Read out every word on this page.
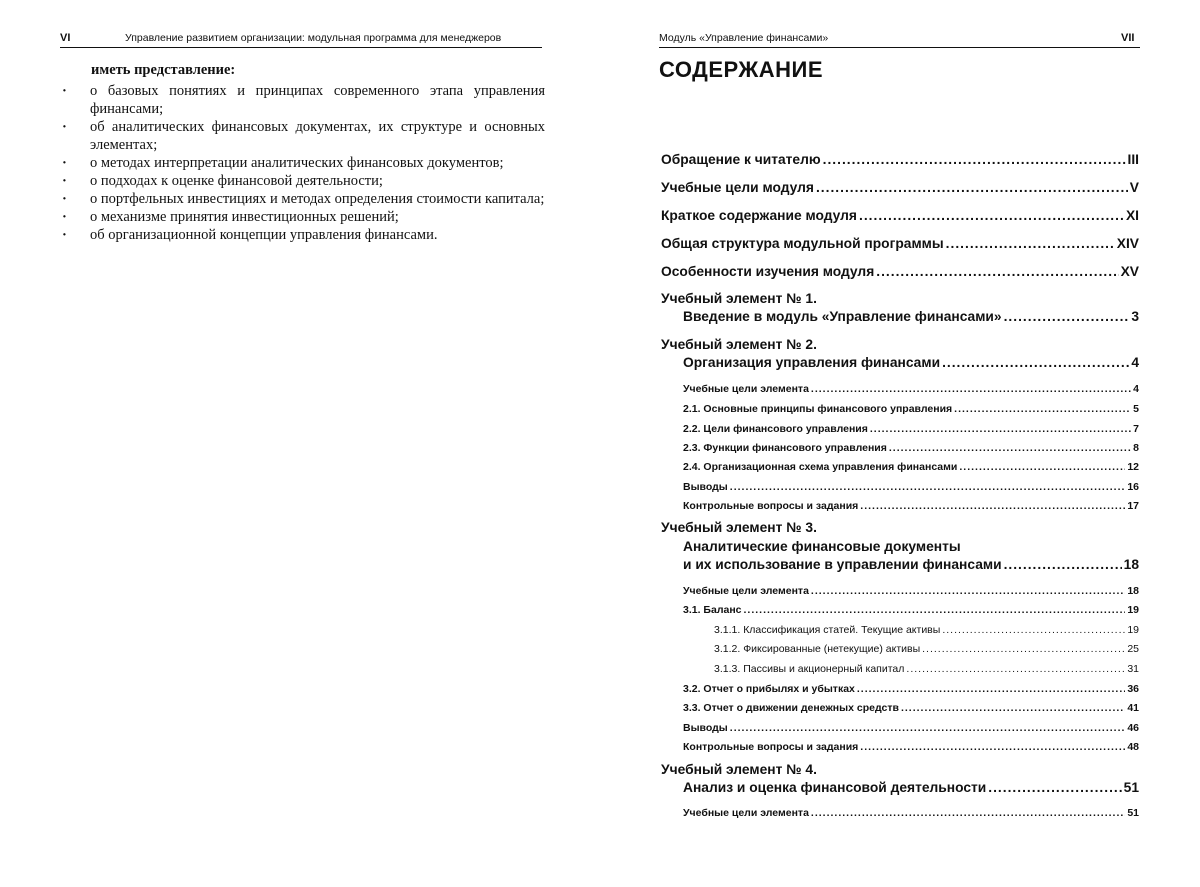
VI	Управление развитием организации: модульная программа для менеджеров
иметь представление:
· о базовых понятиях и принципах современного этапа управления финансами;
· об аналитических финансовых документах, их структуре и основных элементах;
· о методах интерпретации аналитических финансовых документов;
· о подходах к оценке финансовой деятельности;
· о портфельных инвестициях и методах определения стоимости капитала;
· о механизме принятия инвестиционных решений;
· об организационной концепции управления финансами.
Модуль «Управление финансами»	VII
СОДЕРЖАНИЕ
Обращение к читателю .....	III
Учебные цели модуля .....	V
Краткое содержание модуля .....	XI
Общая структура модульной программы .....	XIV
Особенности изучения модуля .....	XV
Учебный элемент № 1.
Введение в модуль «Управление финансами» .....	3
Учебный элемент № 2.
Организация управления финансами .....	4
Учебные цели элемента .....	4
2.1. Основные принципы финансового управления .....	5
2.2. Цели финансового управления .....	7
2.3. Функции финансового управления .....	8
2.4. Организационная схема управления финансами .....	12
Выводы .....	16
Контрольные вопросы и задания .....	17
Учебный элемент № 3.
Аналитические финансовые документы
и их использование в управлении финансами .....	18
Учебные цели элемента .....	18
3.1. Баланс .....	19
3.1.1. Классификация статей. Текущие активы .....	19
3.1.2. Фиксированные (нетекущие) активы .....	25
3.1.3. Пассивы и акционерный капитал .....	31
3.2. Отчет о прибылях и убытках .....	36
3.3. Отчет о движении денежных средств .....	41
Выводы .....	46
Контрольные вопросы и задания .....	48
Учебный элемент № 4.
Анализ и оценка финансовой деятельности .....	51
Учебные цели элемента .....	51
